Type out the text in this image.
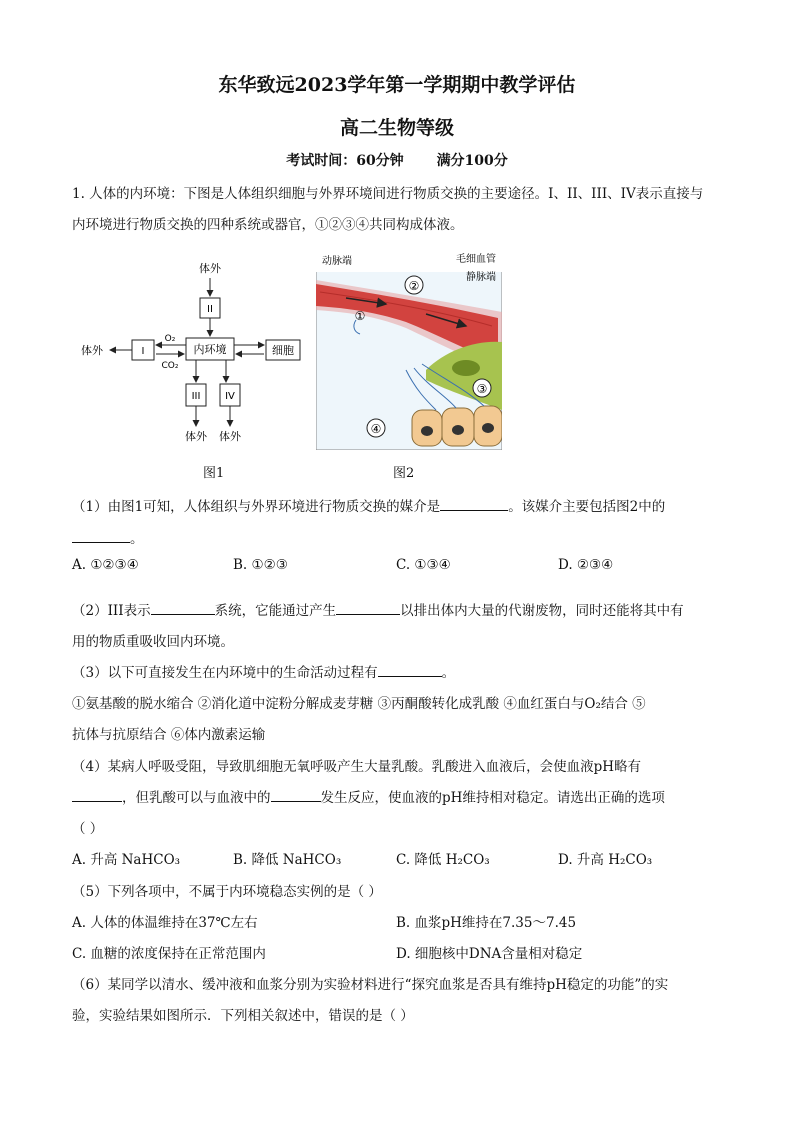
东华致远2023学年第一学期期中教学评估
高二生物等级
考试时间：60分钟 满分100分
1. 人体的内环境：下图是人体组织细胞与外界环境间进行物质交换的主要途径。I、II、III、IV表示直接与
内环境进行物质交换的四种系统或器官，①②③④共同构成体液。
体外
II
内环境
O₂
CO₂
I
体外	细胞
III IV
体外 体外
图1
动脉端	毛细血管
静脉端
②
①
③
④
图2
（1）由图1可知，人体组织与外界环境进行物质交换的媒介是	。该媒介主要包括图2中的
。
A. ①②③④	B. ①②③	C. ①③④	D. ②③④
（2）III表示	系统，它能通过产生	以排出体内大量的代谢废物，同时还能将其中有
用的物质重吸收回内环境。
（3）以下可直接发生在内环境中的生命活动过程有	。
①氨基酸的脱水缩合 ②消化道中淀粉分解成麦芽糖 ③丙酮酸转化成乳酸 ④血红蛋白与O₂结合 ⑤
抗体与抗原结合 ⑥体内激素运输
（4）某病人呼吸受阻，导致肌细胞无氧呼吸产生大量乳酸。乳酸进入血液后，会使血液pH略有
，但乳酸可以与血液中的	发生反应，使血液的pH维持相对稳定。请选出正确的选项
（ ）
A. 升高 NaHCO₃	B. 降低 NaHCO₃	C. 降低 H₂CO₃	D. 升高 H₂CO₃
（5）下列各项中，不属于内环境稳态实例的是（ ）
A. 人体的体温维持在37℃左右	B. 血浆pH维持在7.35～7.45
C. 血糖的浓度保持在正常范围内	D. 细胞核中DNA含量相对稳定
（6）某同学以清水、缓冲液和血浆分别为实验材料进行“探究血浆是否具有维持pH稳定的功能”的实
验，实验结果如图所示．下列相关叙述中，错误的是（ ）
